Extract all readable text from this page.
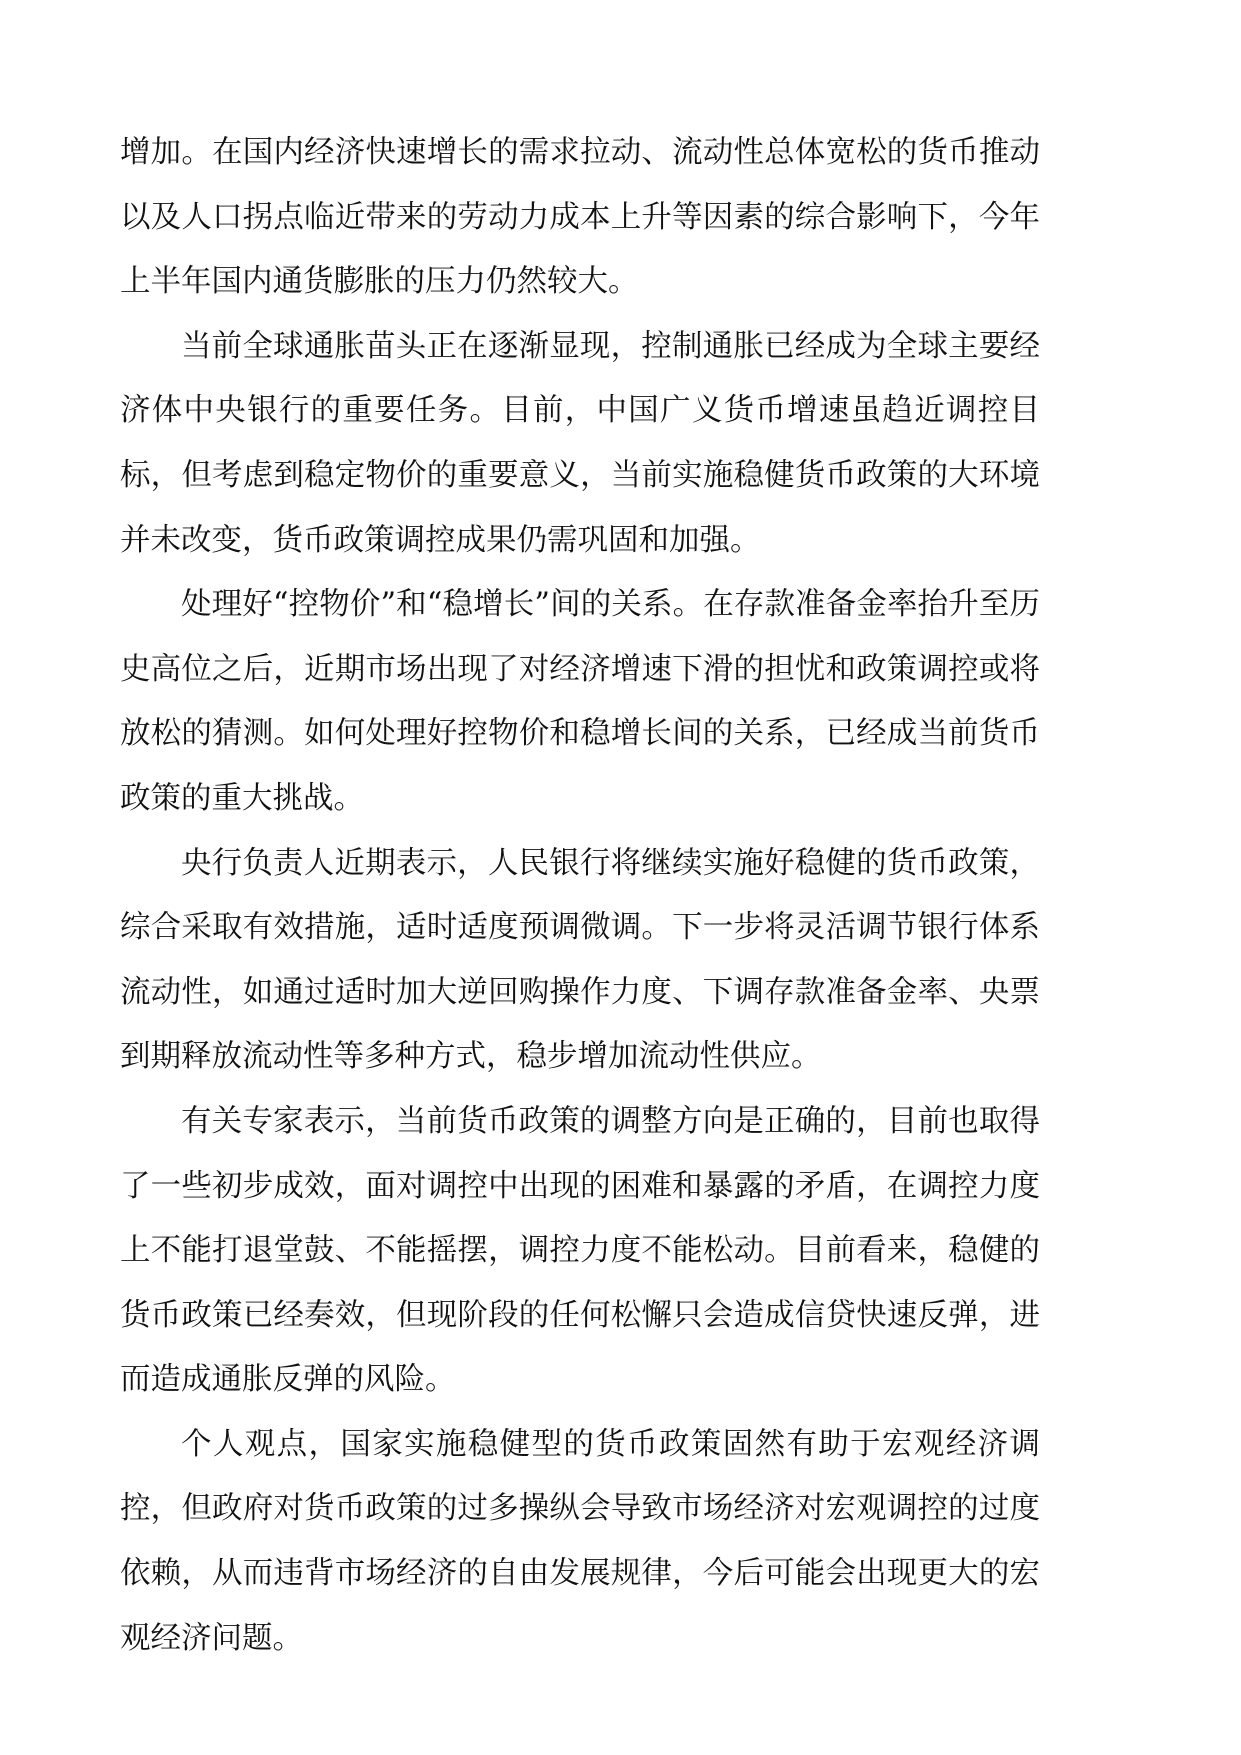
增加。在国内经济快速增长的需求拉动、流动性总体宽松的货币推动以及人口拐点临近带来的劳动力成本上升等因素的综合影响下，今年上半年国内通货膨胀的压力仍然较大。

当前全球通胀苗头正在逐渐显现，控制通胀已经成为全球主要经济体中央银行的重要任务。目前，中国广义货币增速虽趋近调控目标，但考虑到稳定物价的重要意义，当前实施稳健货币政策的大环境并未改变，货币政策调控成果仍需巩固和加强。

处理好“控物价”和“稳增长”间的关系。在存款准备金率抬升至历史高位之后，近期市场出现了对经济增速下滑的担忧和政策调控或将放松的猜测。如何处理好控物价和稳增长间的关系，已经成当前货币政策的重大挑战。

央行负责人近期表示，人民银行将继续实施好稳健的货币政策，综合采取有效措施，适时适度预调微调。下一步将灵活调节银行体系流动性，如通过适时加大逆回购操作力度、下调存款准备金率、央票到期释放流动性等多种方式，稳步增加流动性供应。

有关专家表示，当前货币政策的调整方向是正确的，目前也取得了一些初步成效，面对调控中出现的困难和暴露的矛盾，在调控力度上不能打退堂鼓、不能摇摆，调控力度不能松动。目前看来，稳健的货币政策已经奏效，但现阶段的任何松懈只会造成信贷快速反弹，进而造成通胀反弹的风险。

个人观点，国家实施稳健型的货币政策固然有助于宏观经济调控，但政府对货币政策的过多操纵会导致市场经济对宏观调控的过度依赖，从而违背市场经济的自由发展规律，今后可能会出现更大的宏观经济问题。
